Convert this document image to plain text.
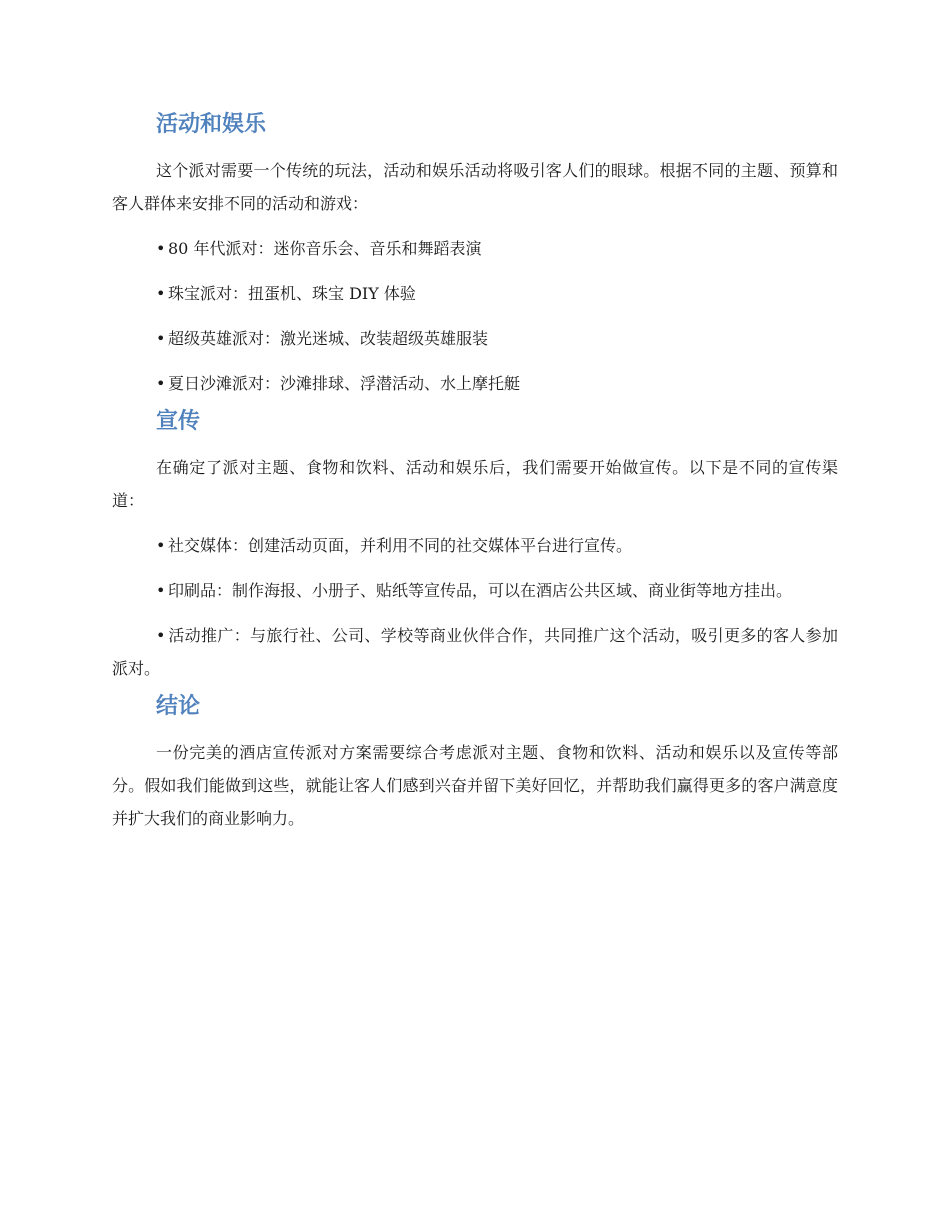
活动和娱乐

这个派对需要一个传统的玩法，活动和娱乐活动将吸引客人们的眼球。根据不同的主题、预算和客人群体来安排不同的活动和游戏：

• 80 年代派对：迷你音乐会、音乐和舞蹈表演

• 珠宝派对：扭蛋机、珠宝 DIY 体验

• 超级英雄派对：激光迷城、改装超级英雄服装

• 夏日沙滩派对：沙滩排球、浮潜活动、水上摩托艇

宣传

在确定了派对主题、食物和饮料、活动和娱乐后，我们需要开始做宣传。以下是不同的宣传渠道：

• 社交媒体：创建活动页面，并利用不同的社交媒体平台进行宣传。

• 印刷品：制作海报、小册子、贴纸等宣传品，可以在酒店公共区域、商业街等地方挂出。

• 活动推广：与旅行社、公司、学校等商业伙伴合作，共同推广这个活动，吸引更多的客人参加派对。

结论

一份完美的酒店宣传派对方案需要综合考虑派对主题、食物和饮料、活动和娱乐以及宣传等部分。假如我们能做到这些，就能让客人们感到兴奋并留下美好回忆，并帮助我们赢得更多的客户满意度并扩大我们的商业影响力。
